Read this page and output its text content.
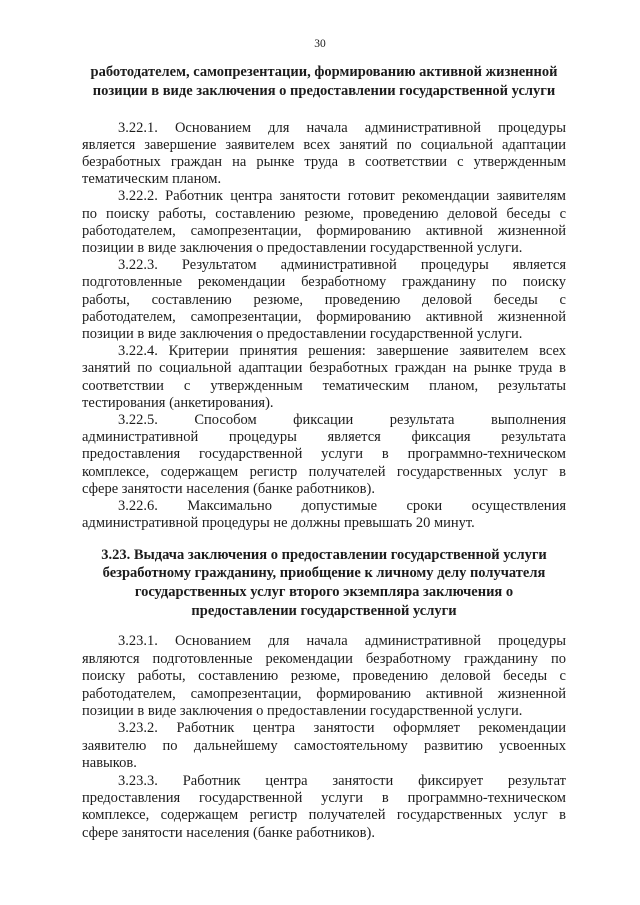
30
работодателем, самопрезентации, формированию активной жизненной
позиции в виде заключения о предоставлении государственной услуги
3.22.1. Основанием для начала административной процедуры
является завершение заявителем всех занятий по социальной адаптации
безработных граждан на рынке труда в соответствии с утвержденным
тематическим планом.
3.22.2. Работник центра занятости готовит рекомендации заявителям
по поиску работы, составлению резюме, проведению деловой беседы с
работодателем, самопрезентации, формированию активной жизненной
позиции в виде заключения о предоставлении государственной услуги.
3.22.3. Результатом административной процедуры является
подготовленные рекомендации безработному гражданину по поиску
работы, составлению резюме, проведению деловой беседы с
работодателем, самопрезентации, формированию активной жизненной
позиции в виде заключения о предоставлении государственной услуги.
3.22.4. Критерии принятия решения: завершение заявителем всех
занятий по социальной адаптации безработных граждан на рынке труда в
соответствии с утвержденным тематическим планом, результаты
тестирования (анкетирования).
3.22.5. Способом фиксации результата выполнения
административной процедуры является фиксация результата
предоставления государственной услуги в программно-техническом
комплексе, содержащем регистр получателей государственных услуг в
сфере занятости населения (банке работников).
3.22.6. Максимально допустимые сроки осуществления
административной процедуры не должны превышать 20 минут.
3.23. Выдача заключения о предоставлении государственной услуги
безработному гражданину, приобщение к личному делу получателя
государственных услуг второго экземпляра заключения о
предоставлении государственной услуги
3.23.1. Основанием для начала административной процедуры
являются подготовленные рекомендации безработному гражданину по
поиску работы, составлению резюме, проведению деловой беседы с
работодателем, самопрезентации, формированию активной жизненной
позиции в виде заключения о предоставлении государственной услуги.
3.23.2. Работник центра занятости оформляет рекомендации
заявителю по дальнейшему самостоятельному развитию усвоенных
навыков.
3.23.3. Работник центра занятости фиксирует результат
предоставления государственной услуги в программно-техническом
комплексе, содержащем регистр получателей государственных услуг в
сфере занятости населения (банке работников).
